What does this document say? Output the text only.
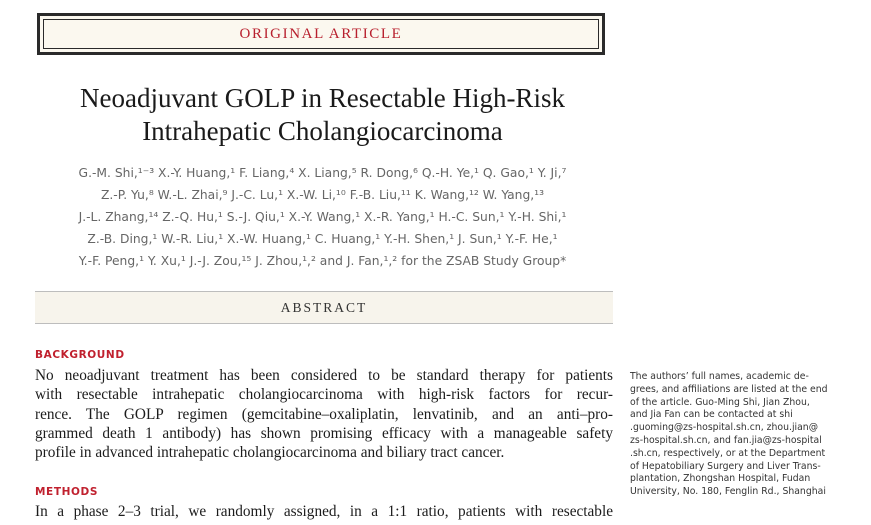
ORIGINAL ARTICLE
Neoadjuvant GOLP in Resectable High-Risk
Intrahepatic Cholangiocarcinoma
G.-M. Shi,¹⁻³ X.-Y. Huang,¹ F. Liang,⁴ X. Liang,⁵ R. Dong,⁶ Q.-H. Ye,¹ Q. Gao,¹ Y. Ji,⁷
Z.-P. Yu,⁸ W.-L. Zhai,⁹ J.-C. Lu,¹ X.-W. Li,¹⁰ F.-B. Liu,¹¹ K. Wang,¹² W. Yang,¹³
J.-L. Zhang,¹⁴ Z.-Q. Hu,¹ S.-J. Qiu,¹ X.-Y. Wang,¹ X.-R. Yang,¹ H.-C. Sun,¹ Y.-H. Shi,¹
Z.-B. Ding,¹ W.-R. Liu,¹ X.-W. Huang,¹ C. Huang,¹ Y.-H. Shen,¹ J. Sun,¹ Y.-F. He,¹
Y.-F. Peng,¹ Y. Xu,¹ J.-J. Zou,¹⁵ J. Zhou,¹,² and J. Fan,¹,² for the ZSAB Study Group*
ABSTRACT
BACKGROUND
No neoadjuvant treatment has been considered to be standard therapy for patients
with resectable intrahepatic cholangiocarcinoma with high-risk factors for recur-
rence. The GOLP regimen (gemcitabine–oxaliplatin, lenvatinib, and an anti–pro-
grammed death 1 antibody) has shown promising efficacy with a manageable safety
profile in advanced intrahepatic cholangiocarcinoma and biliary tract cancer.
METHODS
In a phase 2–3 trial, we randomly assigned, in a 1:1 ratio, patients with resectable
The authors’ full names, academic de-
grees, and affiliations are listed at the end
of the article. Guo-Ming Shi, Jian Zhou,
and Jia Fan can be contacted at shi
.guoming@zs-hospital.sh.cn, zhou.jian@
zs-hospital.sh.cn, and fan.jia@zs-hospital
.sh.cn, respectively, or at the Department
of Hepatobiliary Surgery and Liver Trans-
plantation, Zhongshan Hospital, Fudan
University, No. 180, Fenglin Rd., Shanghai
